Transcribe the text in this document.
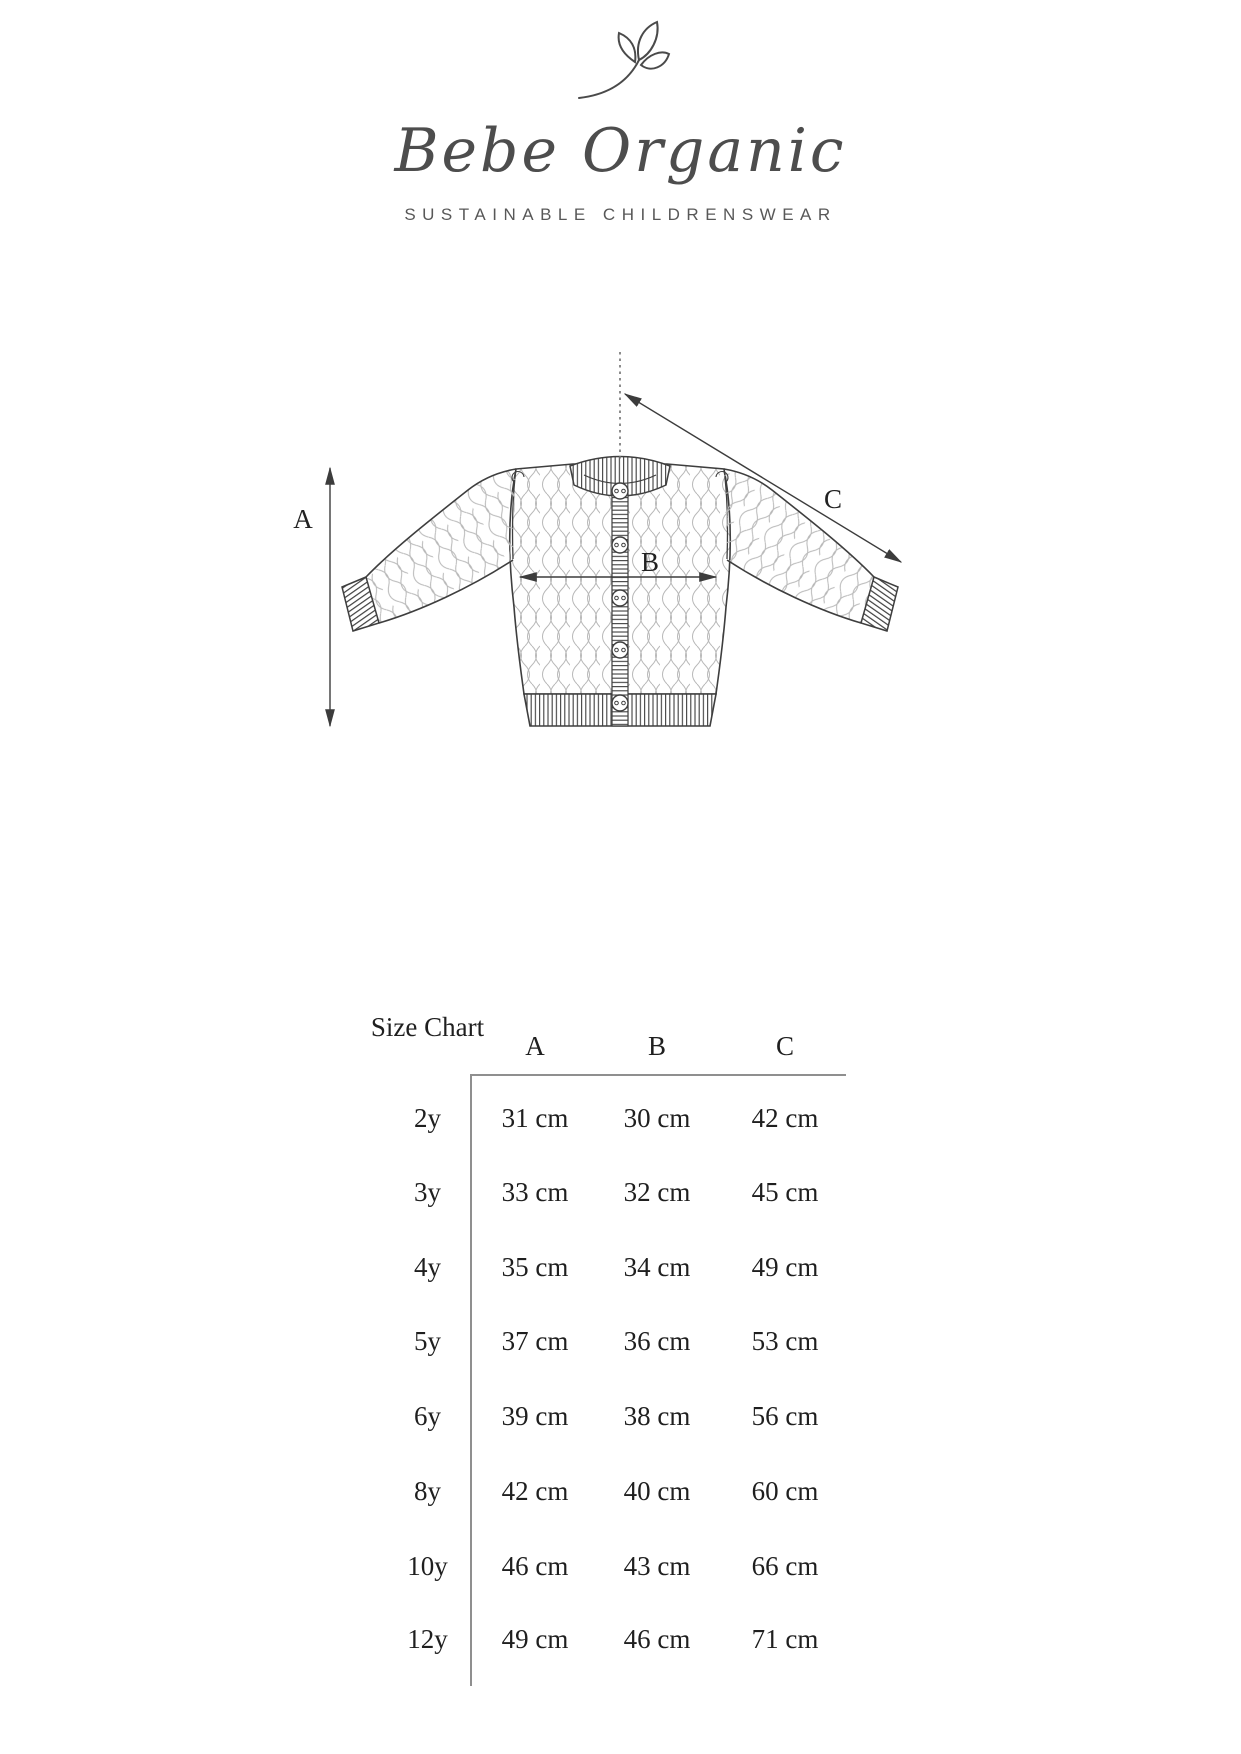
Bebe Organic
SUSTAINABLE CHILDRENSWEAR
A
B
C
Size Chart
A	B	C
2y	31 cm	30 cm	42 cm
3y	33 cm	32 cm	45 cm
4y	35 cm	34 cm	49 cm
5y	37 cm	36 cm	53 cm
6y	39 cm	38 cm	56 cm
8y	42 cm	40 cm	60 cm
10y	46 cm	43 cm	66 cm
12y	49 cm	46 cm	71 cm
